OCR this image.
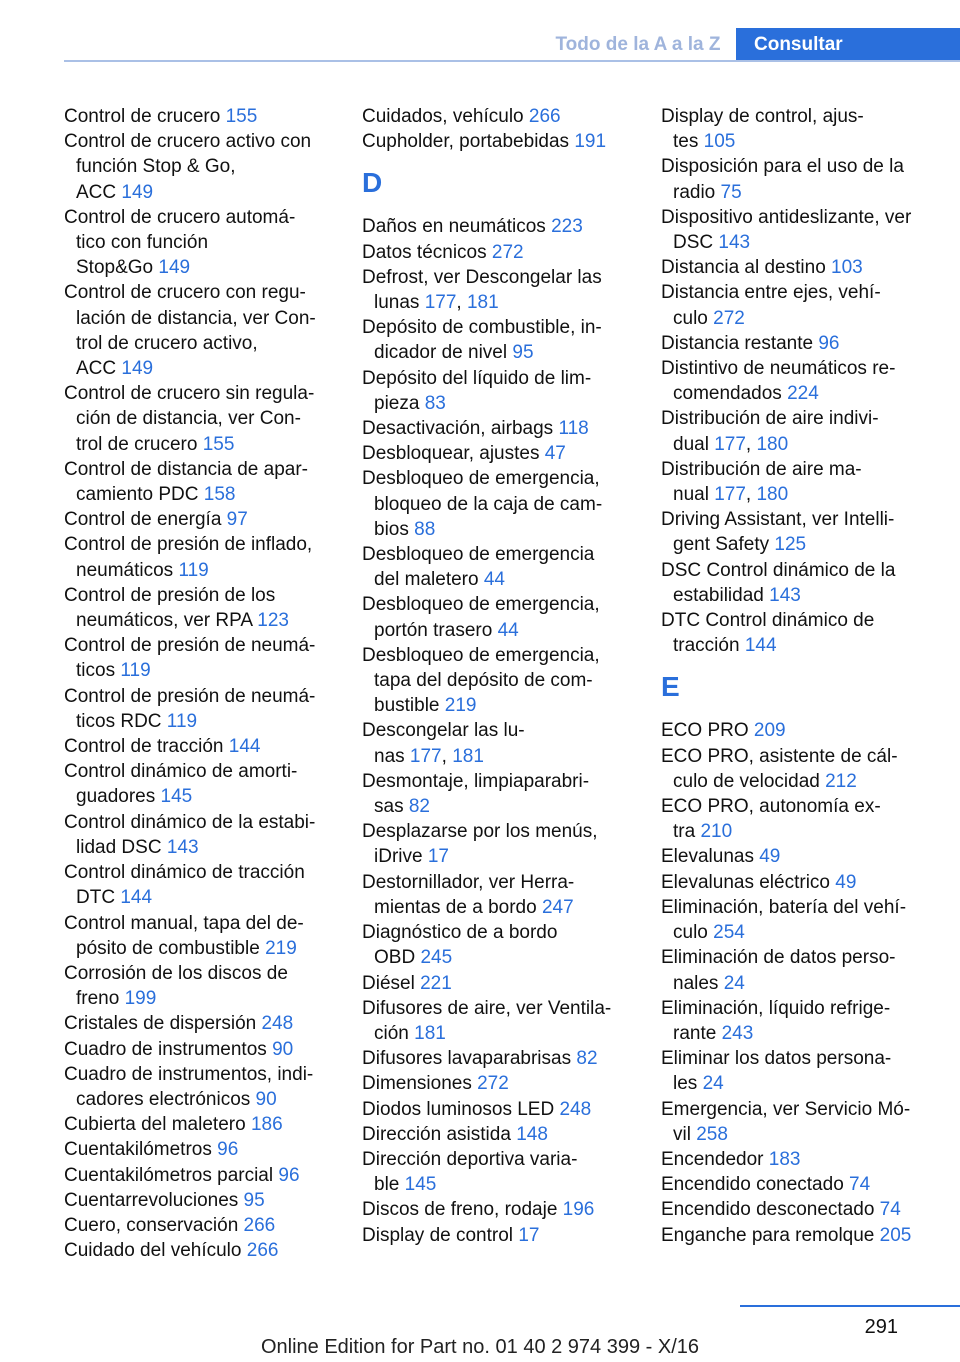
Todo de la A a la Z	Consultar
Control de crucero 155
Control de crucero activo con
función Stop & Go,
ACC 149
Control de crucero automá-
tico con función
Stop&Go 149
Control de crucero con regu-
lación de distancia, ver Con-
trol de crucero activo,
ACC 149
Control de crucero sin regula-
ción de distancia, ver Con-
trol de crucero 155
Control de distancia de apar-
camiento PDC 158
Control de energía 97
Control de presión de inflado,
neumáticos 119
Control de presión de los
neumáticos, ver RPA 123
Control de presión de neumá-
ticos 119
Control de presión de neumá-
ticos RDC 119
Control de tracción 144
Control dinámico de amorti-
guadores 145
Control dinámico de la estabi-
lidad DSC 143
Control dinámico de tracción
DTC 144
Control manual, tapa del de-
pósito de combustible 219
Corrosión de los discos de
freno 199
Cristales de dispersión 248
Cuadro de instrumentos 90
Cuadro de instrumentos, indi-
cadores electrónicos 90
Cubierta del maletero 186
Cuentakilómetros 96
Cuentakilómetros parcial 96
Cuentarrevoluciones 95
Cuero, conservación 266
Cuidado del vehículo 266
Cuidados, vehículo 266
Cupholder, portabebidas 191
D
Daños en neumáticos 223
Datos técnicos 272
Defrost, ver Descongelar las
lunas 177, 181
Depósito de combustible, in-
dicador de nivel 95
Depósito del líquido de lim-
pieza 83
Desactivación, airbags 118
Desbloquear, ajustes 47
Desbloqueo de emergencia,
bloqueo de la caja de cam-
bios 88
Desbloqueo de emergencia
del maletero 44
Desbloqueo de emergencia,
portón trasero 44
Desbloqueo de emergencia,
tapa del depósito de com-
bustible 219
Descongelar las lu-
nas 177, 181
Desmontaje, limpiaparabri-
sas 82
Desplazarse por los menús,
iDrive 17
Destornillador, ver Herra-
mientas de a bordo 247
Diagnóstico de a bordo
OBD 245
Diésel 221
Difusores de aire, ver Ventila-
ción 181
Difusores lavaparabrisas 82
Dimensiones 272
Diodos luminosos LED 248
Dirección asistida 148
Dirección deportiva varia-
ble 145
Discos de freno, rodaje 196
Display de control 17
Display de control, ajus-
tes 105
Disposición para el uso de la
radio 75
Dispositivo antideslizante, ver
DSC 143
Distancia al destino 103
Distancia entre ejes, vehí-
culo 272
Distancia restante 96
Distintivo de neumáticos re-
comendados 224
Distribución de aire indivi-
dual 177, 180
Distribución de aire ma-
nual 177, 180
Driving Assistant, ver Intelli-
gent Safety 125
DSC Control dinámico de la
estabilidad 143
DTC Control dinámico de
tracción 144
E
ECO PRO 209
ECO PRO, asistente de cál-
culo de velocidad 212
ECO PRO, autonomía ex-
tra 210
Elevalunas 49
Elevalunas eléctrico 49
Eliminación, batería del vehí-
culo 254
Eliminación de datos perso-
nales 24
Eliminación, líquido refrige-
rante 243
Eliminar los datos persona-
les 24
Emergencia, ver Servicio Mó-
vil 258
Encendedor 183
Encendido conectado 74
Encendido desconectado 74
Enganche para remolque 205
291
Online Edition for Part no. 01 40 2 974 399 - X/16
